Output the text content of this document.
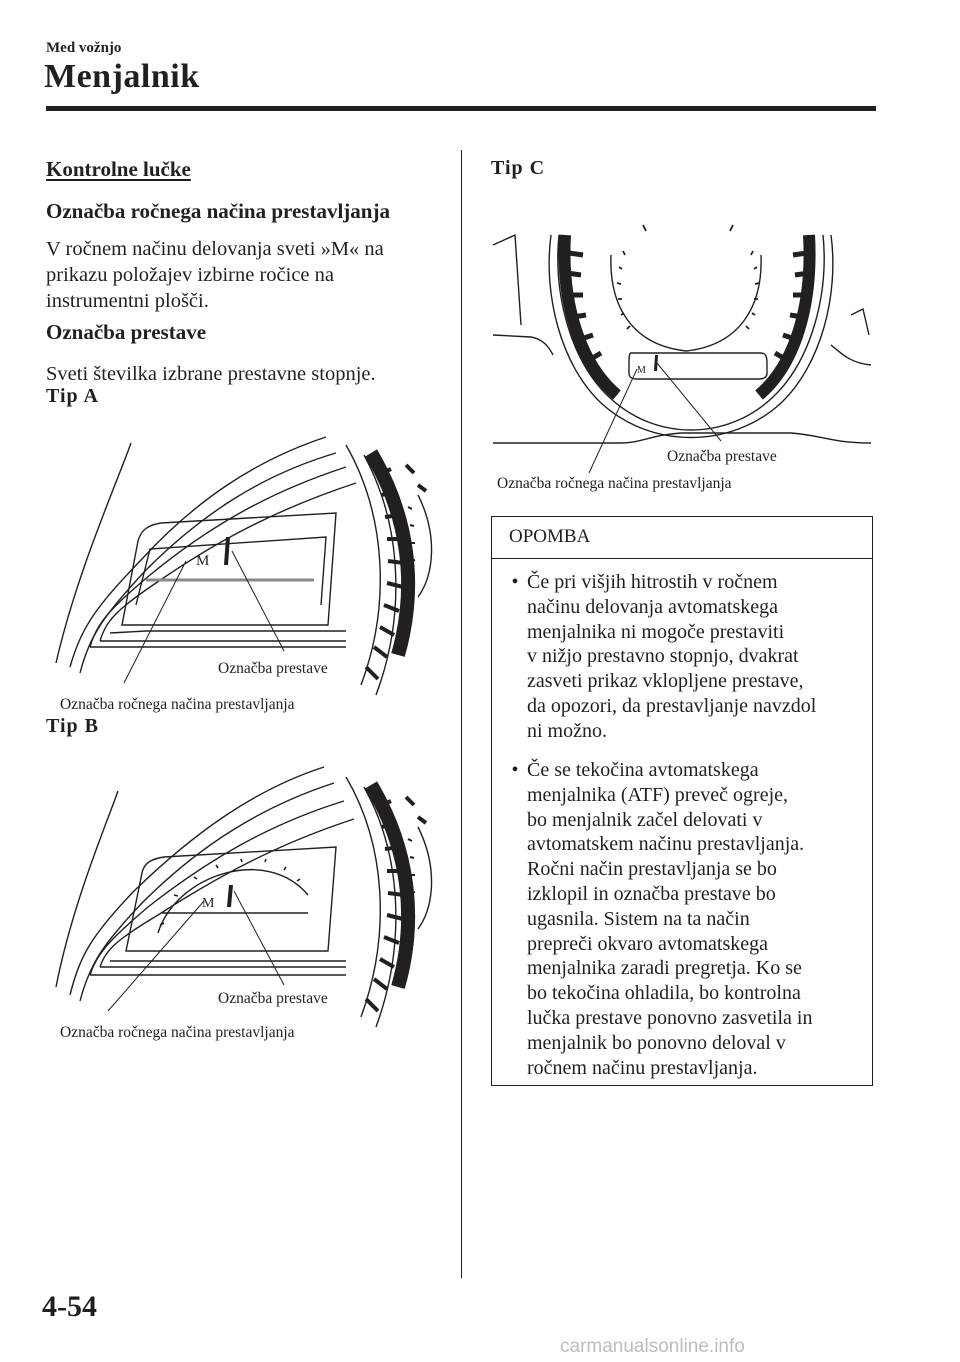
Med vožnjo
Menjalnik
Kontrolne lučke
Označba ročnega načina prestavljanja
V ročnem načinu delovanja sveti »M« na
prikazu položajev izbirne ročice na
instrumentni plošči.
Označba prestave
Sveti številka izbrane prestavne stopnje.
Tip A
M
Označba prestave
Označba ročnega načina prestavljanja
Tip B
M
Označba prestave
Označba ročnega načina prestavljanja
Tip C
M
Označba prestave
Označba ročnega načina prestavljanja
OPOMBA
• Če pri višjih hitrostih v ročnem
načinu delovanja avtomatskega
menjalnika ni mogoče prestaviti
v nižjo prestavno stopnjo, dvakrat
zasveti prikaz vklopljene prestave,
da opozori, da prestavljanje navzdol
ni možno.
• Če se tekočina avtomatskega
menjalnika (ATF) preveč ogreje,
bo menjalnik začel delovati v
avtomatskem načinu prestavljanja.
Ročni način prestavljanja se bo
izklopil in označba prestave bo
ugasnila. Sistem na ta način
prepreči okvaro avtomatskega
menjalnika zaradi pregretja. Ko se
bo tekočina ohladila, bo kontrolna
lučka prestave ponovno zasvetila in
menjalnik bo ponovno deloval v
ročnem načinu prestavljanja.
4-54
carmanualsonline.info
